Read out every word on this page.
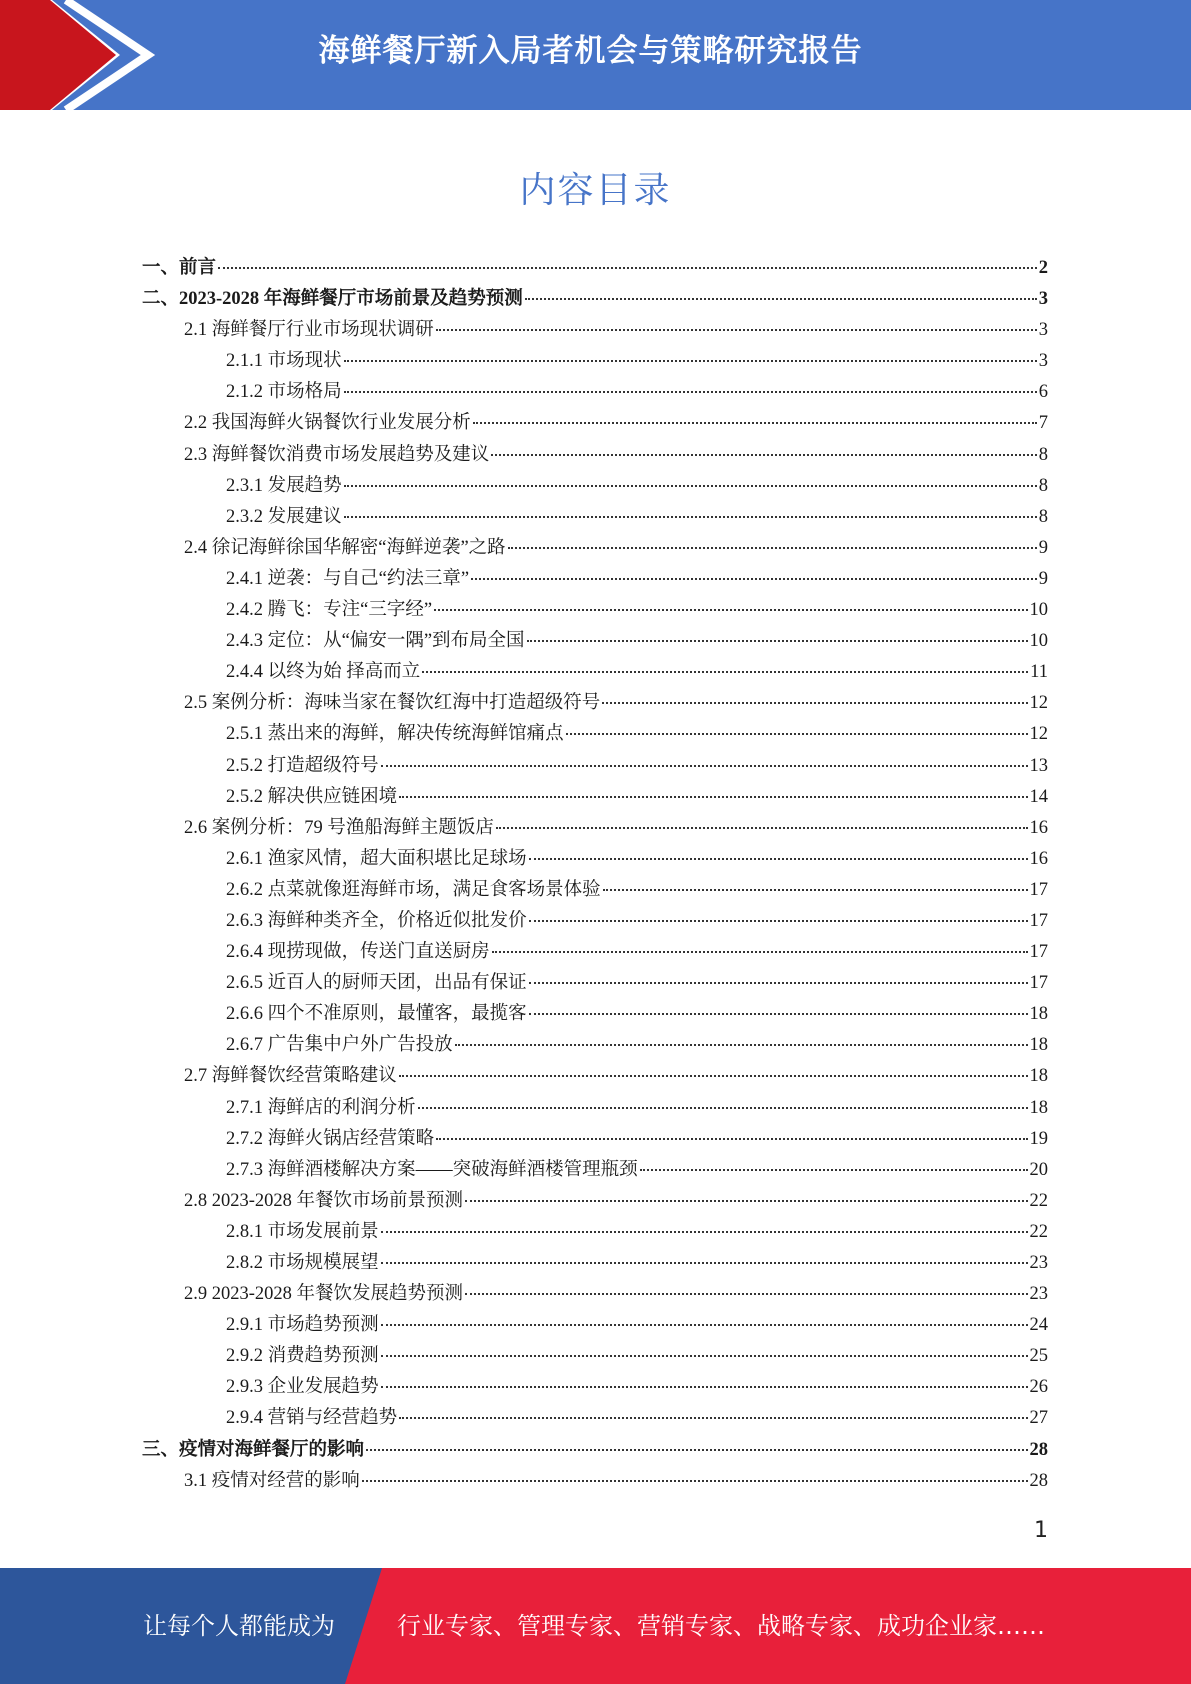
海鲜餐厅新入局者机会与策略研究报告
内容目录
一、前言	2
二、2023-2028 年海鲜餐厅市场前景及趋势预测	3
2.1 海鲜餐厅行业市场现状调研	3
2.1.1 市场现状	3
2.1.2 市场格局	6
2.2 我国海鲜火锅餐饮行业发展分析	7
2.3 海鲜餐饮消费市场发展趋势及建议	8
2.3.1 发展趋势	8
2.3.2 发展建议	8
2.4 徐记海鲜徐国华解密“海鲜逆袭”之路	9
2.4.1 逆袭：与自己“约法三章”	9
2.4.2 腾飞：专注“三字经”	10
2.4.3 定位：从“偏安一隅”到布局全国	10
2.4.4 以终为始 择高而立	11
2.5 案例分析：海味当家在餐饮红海中打造超级符号	12
2.5.1 蒸出来的海鲜，解决传统海鲜馆痛点	12
2.5.2 打造超级符号	13
2.5.2 解决供应链困境	14
2.6 案例分析：79 号渔船海鲜主题饭店	16
2.6.1 渔家风情，超大面积堪比足球场	16
2.6.2 点菜就像逛海鲜市场，满足食客场景体验	17
2.6.3 海鲜种类齐全，价格近似批发价	17
2.6.4 现捞现做，传送门直送厨房	17
2.6.5 近百人的厨师天团，出品有保证	17
2.6.6 四个不准原则，最懂客，最揽客	18
2.6.7 广告集中户外广告投放	18
2.7 海鲜餐饮经营策略建议	18
2.7.1 海鲜店的利润分析	18
2.7.2 海鲜火锅店经营策略	19
2.7.3 海鲜酒楼解决方案——突破海鲜酒楼管理瓶颈	20
2.8 2023-2028 年餐饮市场前景预测	22
2.8.1 市场发展前景	22
2.8.2 市场规模展望	23
2.9 2023-2028 年餐饮发展趋势预测	23
2.9.1 市场趋势预测	24
2.9.2 消费趋势预测	25
2.9.3 企业发展趋势	26
2.9.4 营销与经营趋势	27
三、疫情对海鲜餐厅的影响	28
3.1 疫情对经营的影响	28
1
让每个人都能成为	行业专家、管理专家、营销专家、战略专家、成功企业家……
